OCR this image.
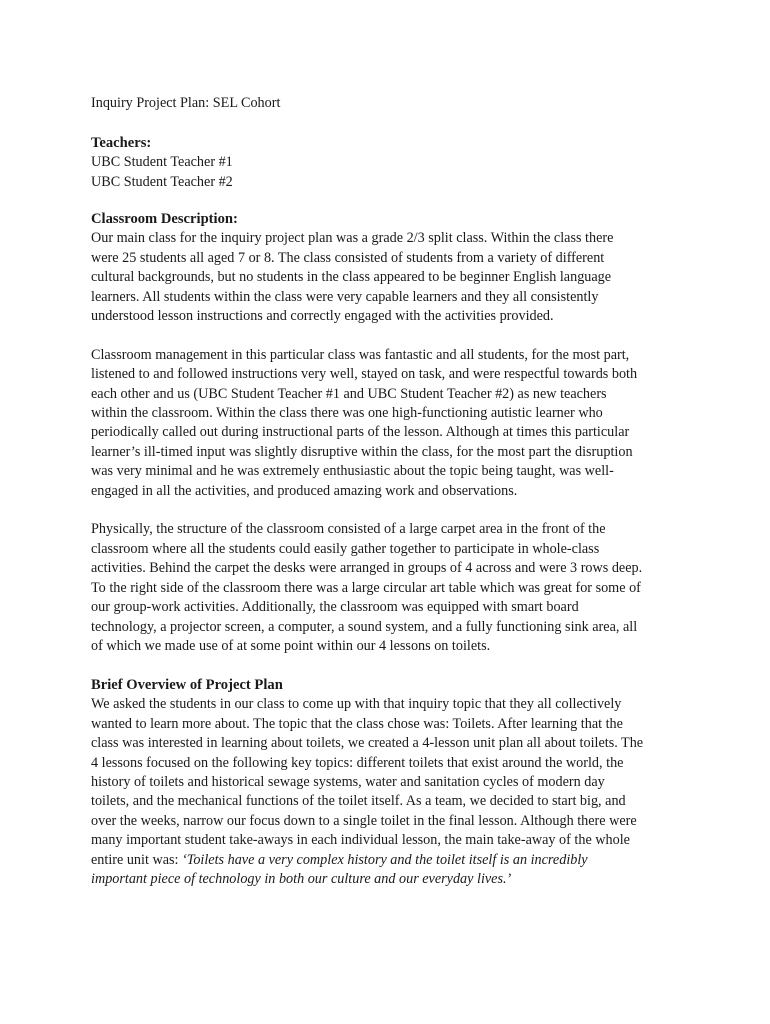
Inquiry Project Plan: SEL Cohort
Teachers:
UBC Student Teacher #1
UBC Student Teacher #2
Classroom Description:
Our main class for the inquiry project plan was a grade 2/3 split class. Within the class there
were 25 students all aged 7 or 8. The class consisted of students from a variety of different
cultural backgrounds, but no students in the class appeared to be beginner English language
learners. All students within the class were very capable learners and they all consistently
understood lesson instructions and correctly engaged with the activities provided.
Classroom management in this particular class was fantastic and all students, for the most part,
listened to and followed instructions very well, stayed on task, and were respectful towards both
each other and us (UBC Student Teacher #1 and UBC Student Teacher #2) as new teachers
within the classroom. Within the class there was one high-functioning autistic learner who
periodically called out during instructional parts of the lesson. Although at times this particular
learner’s ill-timed input was slightly disruptive within the class, for the most part the disruption
was very minimal and he was extremely enthusiastic about the topic being taught, was well-
engaged in all the activities, and produced amazing work and observations.
Physically, the structure of the classroom consisted of a large carpet area in the front of the
classroom where all the students could easily gather together to participate in whole-class
activities. Behind the carpet the desks were arranged in groups of 4 across and were 3 rows deep.
To the right side of the classroom there was a large circular art table which was great for some of
our group-work activities. Additionally, the classroom was equipped with smart board
technology, a projector screen, a computer, a sound system, and a fully functioning sink area, all
of which we made use of at some point within our 4 lessons on toilets.
Brief Overview of Project Plan
We asked the students in our class to come up with that inquiry topic that they all collectively
wanted to learn more about. The topic that the class chose was: Toilets. After learning that the
class was interested in learning about toilets, we created a 4-lesson unit plan all about toilets. The
4 lessons focused on the following key topics: different toilets that exist around the world, the
history of toilets and historical sewage systems, water and sanitation cycles of modern day
toilets, and the mechanical functions of the toilet itself. As a team, we decided to start big, and
over the weeks, narrow our focus down to a single toilet in the final lesson. Although there were
many important student take-aways in each individual lesson, the main take-away of the whole
entire unit was: ‘Toilets have a very complex history and the toilet itself is an incredibly
important piece of technology in both our culture and our everyday lives.’
